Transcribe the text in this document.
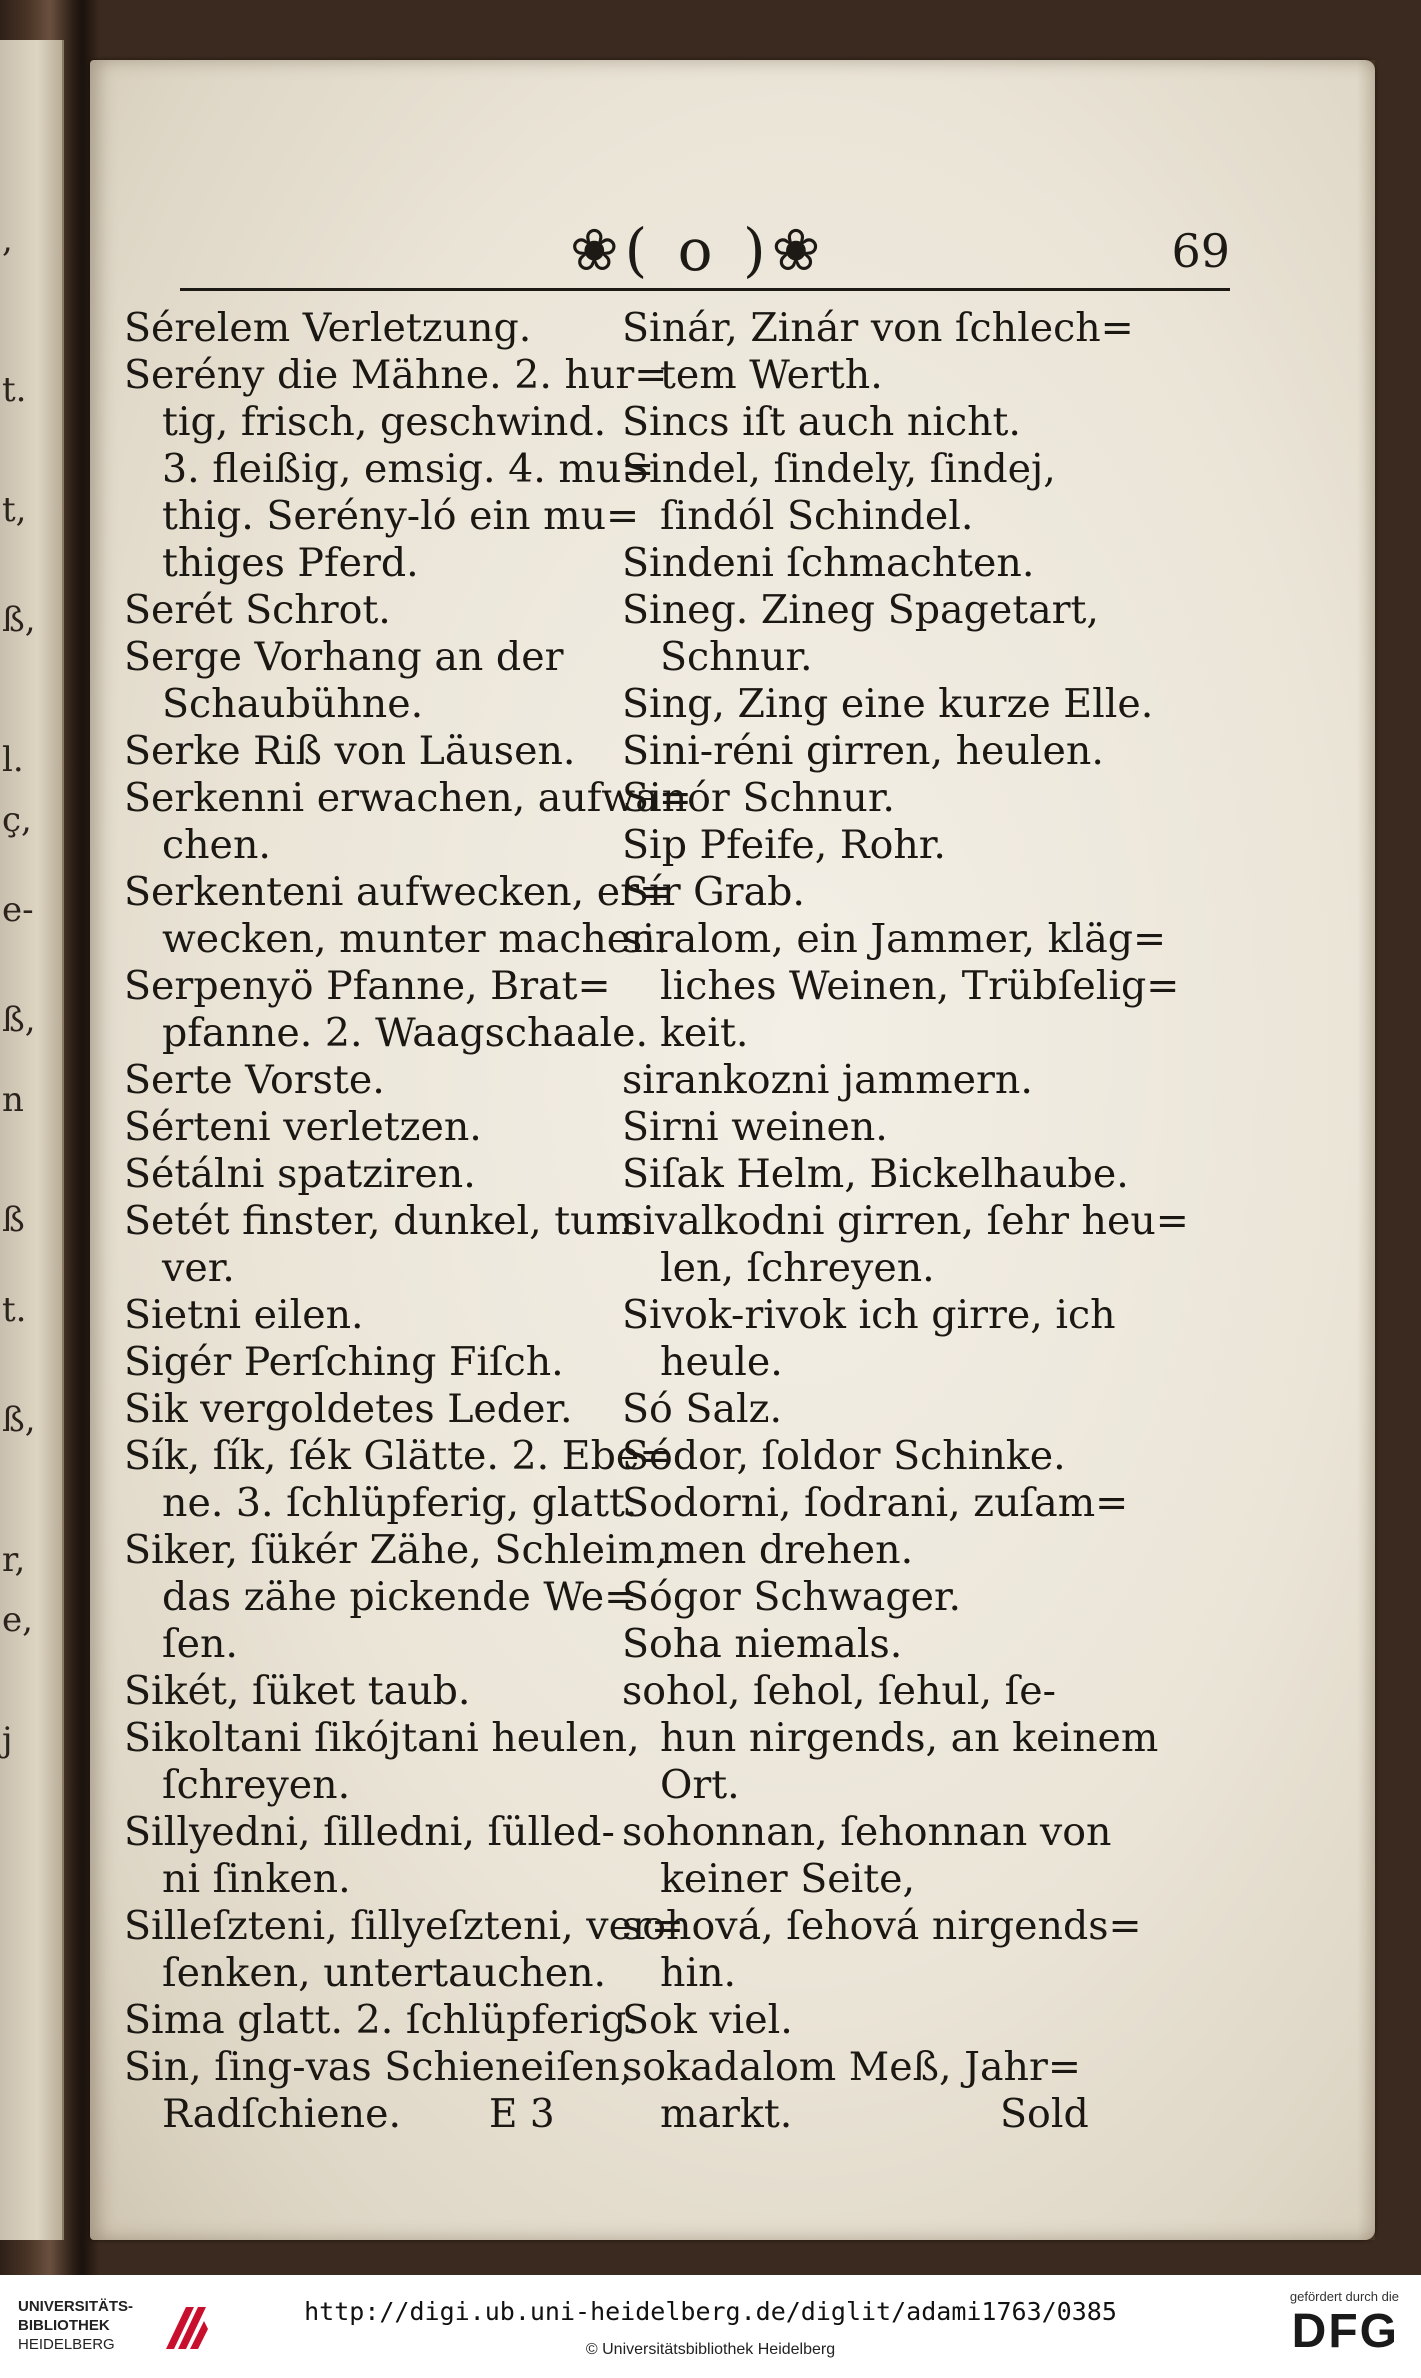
,
t.
t,
ß,
l.
ç,
e-
ß,
n
ß
t.
ß,
r,
e,
j
❀( o )❀	69
Sérelem Verletzung.
Serény die Mähne. 2. hur=
tig, frisch, geschwind.
3. fleißig, emsig. 4. mu=
thig. Serény-ló ein mu=
thiges Pferd.
Serét Schrot.
Serge Vorhang an der
Schaubühne.
Serke Riß von Läusen.
Serkenni erwachen, aufwa=
chen.
Serkenteni aufwecken, er=
wecken, munter machen.
Serpenyö Pfanne, Brat=
pfanne. 2. Waagschaale.
Serte Vorste.
Sérteni verletzen.
Sétálni spatziren.
Setét finster, dunkel, tum
ver.
Sietni eilen.
Sigér Perſching Fiſch.
Sik vergoldetes Leder.
Sík, ſík, ſék Glätte. 2. Ebe=
ne. 3. ſchlüpferig, glatt.
Siker, ſükér Zähe, Schleim,
das zähe pickende We=
ſen.
Sikét, ſüket taub.
Sikoltani ſikójtani heulen,
ſchreyen.
Sillyedni, ſilledni, ſülled-
ni ſinken.
Silleſzteni, ſillyeſzteni, ver=
ſenken, untertauchen.
Sima glatt. 2. ſchlüpferig.
Sin, ſing-vas Schieneiſen,
Radſchiene. E 3
Sinár, Zinár von ſchlech=
tem Werth.
Sincs iſt auch nicht.
Sindel, ſindely, ſindej,
ſindól Schindel.
Sindeni ſchmachten.
Sineg. Zineg Spagetart,
Schnur.
Sing, Zing eine kurze Elle.
Sini-réni girren, heulen.
Sinór Schnur.
Sip Pfeife, Rohr.
Sír Grab.
siralom, ein Jammer, kläg=
liches Weinen, Trübſelig=
keit.
sirankozni jammern.
Sirni weinen.
Siſak Helm, Bickelhaube.
sivalkodni girren, ſehr heu=
len, ſchreyen.
Sivok-rivok ich girre, ich
heule.
Só Salz.
Sódor, ſoldor Schinke.
Sodorni, ſodrani, zuſam=
men drehen.
Sógor Schwager.
Soha niemals.
sohol, ſehol, ſehul, ſe-
hun nirgends, an keinem
Ort.
sohonnan, ſehonnan von
keiner Seite,
sohová, ſehová nirgends=
hin.
Sok viel.
sokadalom Meß, Jahr=
markt.	Sold
UNIVERSITÄTS-
BIBLIOTHEK
HEIDELBERG
http://digi.ub.uni-heidelberg.de/diglit/adami1763/0385
© Universitätsbibliothek Heidelberg
gefördert durch die
DFG
